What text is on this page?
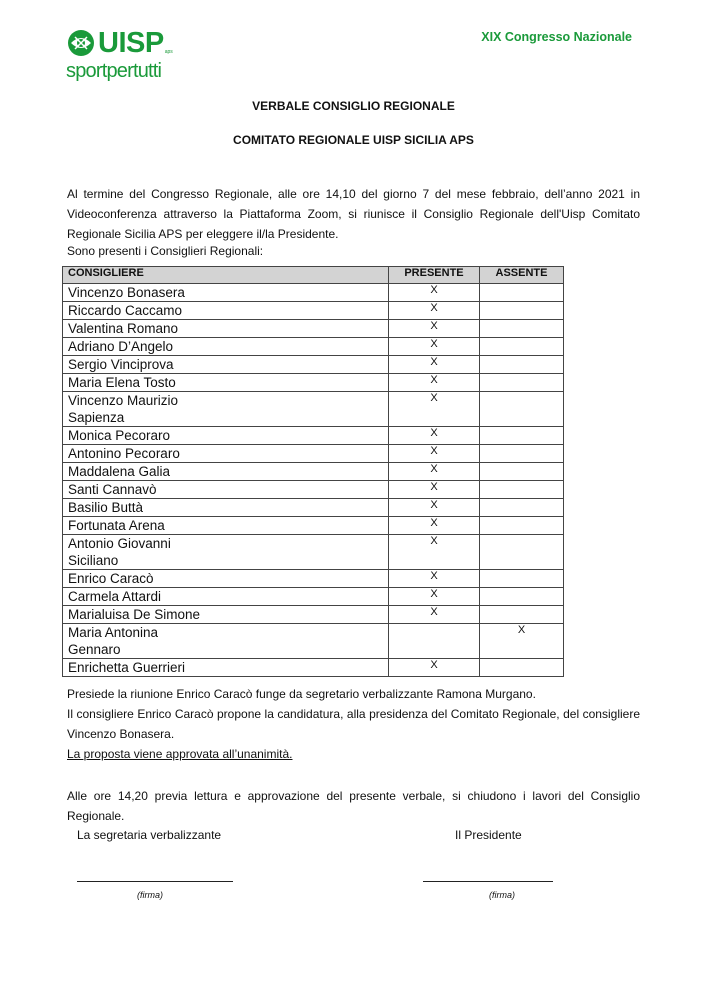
UISP aps
sportpertutti
XIX Congresso Nazionale
VERBALE CONSIGLIO REGIONALE
COMITATO REGIONALE UISP SICILIA APS

Al termine del Congresso Regionale, alle ore 14,10 del giorno 7 del mese febbraio, dell’anno 2021 in Videoconferenza attraverso la Piattaforma Zoom, si riunisce il Consiglio Regionale dell'Uisp Comitato Regionale Sicilia APS per eleggere il/la Presidente.

Sono presenti i Consiglieri Regionali:

CONSIGLIERE	PRESENTE	ASSENTE
Vincenzo Bonasera	X	
Riccardo Caccamo	X	
Valentina Romano	X	
Adriano D’Angelo	X	
Sergio Vinciprova	X	
Maria Elena Tosto	X	
Vincenzo Maurizio
Sapienza	X	
Monica Pecoraro	X	
Antonino Pecoraro	X	
Maddalena Galia	X	
Santi Cannavò	X	
Basilio Buttà	X	
Fortunata Arena	X	
Antonio Giovanni
Siciliano	X	
Enrico Caracò	X	
Carmela Attardi	X	
Marialuisa De Simone	X	
Maria Antonina
Gennaro		X
Enrichetta Guerrieri	X	

Presiede la riunione Enrico Caracò funge da segretario verbalizzante Ramona Murgano.

Il consigliere Enrico Caracò propone la candidatura, alla presidenza del Comitato Regionale, del consigliere Vincenzo Bonasera.

La proposta viene approvata all’unanimità.

Alle ore 14,20 previa lettura e approvazione del presente verbale, si chiudono i lavori del Consiglio Regionale.

La segretaria verbalizzante	Il Presidente
(firma)	(firma)
